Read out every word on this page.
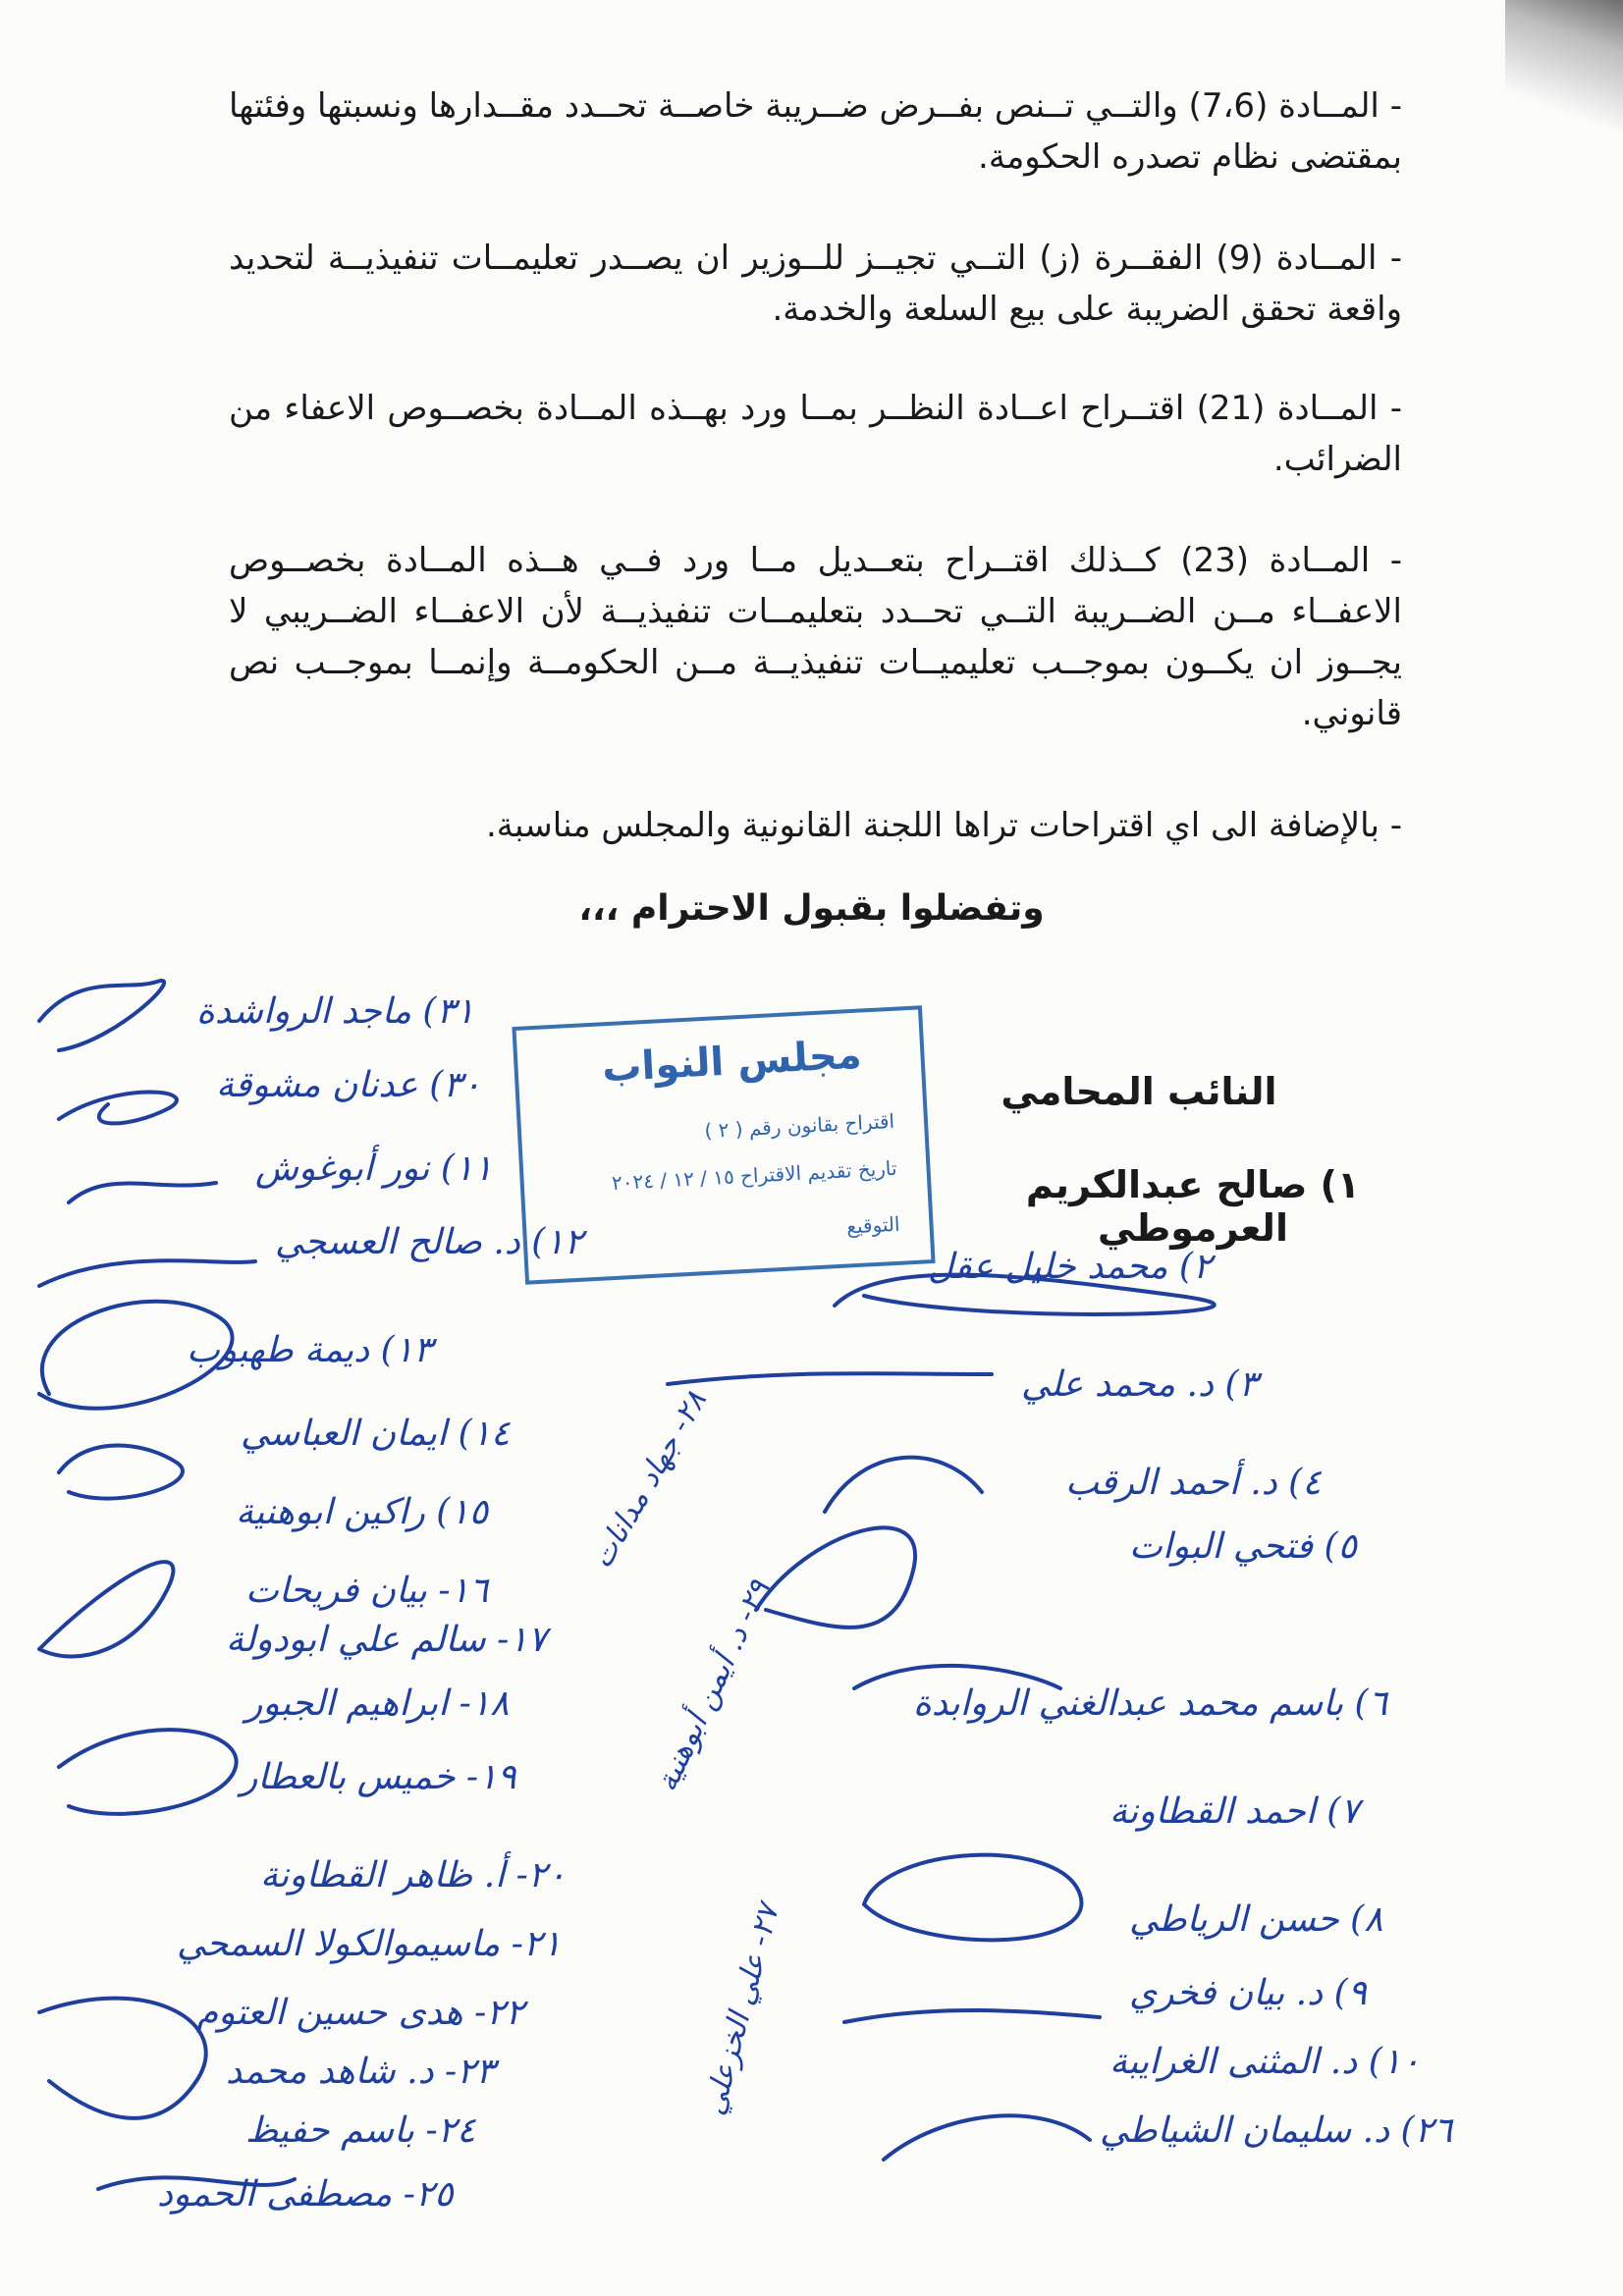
- المــادة (7،6) والتــي تــنص بفــرض ضــريبة خاصــة تحــدد مقــدارها ونسبتها وفئتها بمقتضى نظام تصدره الحكومة.
- المــادة (9) الفقــرة (ز) التــي تجيــز للــوزير ان يصــدر تعليمــات تنفيذيــة لتحديد واقعة تحقق الضريبة على بيع السلعة والخدمة.
- المــادة (21) اقتــراح اعــادة النظــر بمــا ورد بهــذه المــادة بخصــوص الاعفاء من الضرائب.
- المــادة (23) كــذلك اقتــراح بتعــديل مــا ورد فــي هــذه المــادة بخصــوص الاعفــاء مــن الضــريبة التــي تحــدد بتعليمــات تنفيذيــة لأن الاعفــاء الضــريبي لا يجــوز ان يكــون بموجــب تعليميــات تنفيذيــة مــن الحكومــة وإنمــا بموجــب نص قانوني.
- بالإضافة الى اي اقتراحات تراها اللجنة القانونية والمجلس مناسبة.
وتفضلوا بقبول الاحترام ،،،
مجلس النواب
اقتراح بقانون رقم ( ٢ )
تاريخ تقديم الاقتراح ١٥ / ١٢ / ٢٠٢٤
التوقيع
النائب المحامي
١) صالح عبدالكريم العرموطي
٢) محمد خليل عقل
٣) د. محمد علي
٤) د. أحمد الرقب
٥) فتحي البوات
٦) باسم محمد عبدالغني الروابدة
٧) احمد القطاونة
٨) حسن الرياطي
٩) د. بيان فخري
١٠) د. المثنى الغرايبة
٢٦) د. سليمان الشياطي
٣١) ماجد الرواشدة
٣٠) عدنان مشوقة
١١) نور أبوغوش
١٢) د. صالح العسجي
١٣) ديمة طهبوب
١٤) ايمان العباسي
١٥) راكين ابوهنية
١٦- بيان فريحات
١٧- سالم علي ابودولة
١٨- ابراهيم الجبور
١٩- خميس بالعطار
٢٠- أ. ظاهر القطاونة
٢١- ماسيموالكولا السمحي
٢٢- هدى حسين العتوم
٢٣- د. شاهد محمد
٢٤- باسم حفيظ
٢٥- مصطفى الحمود
٢٨- جهاد مدانات
٢٩- د. أيمن أبوهنية
٢٧- علي الخزعلي
